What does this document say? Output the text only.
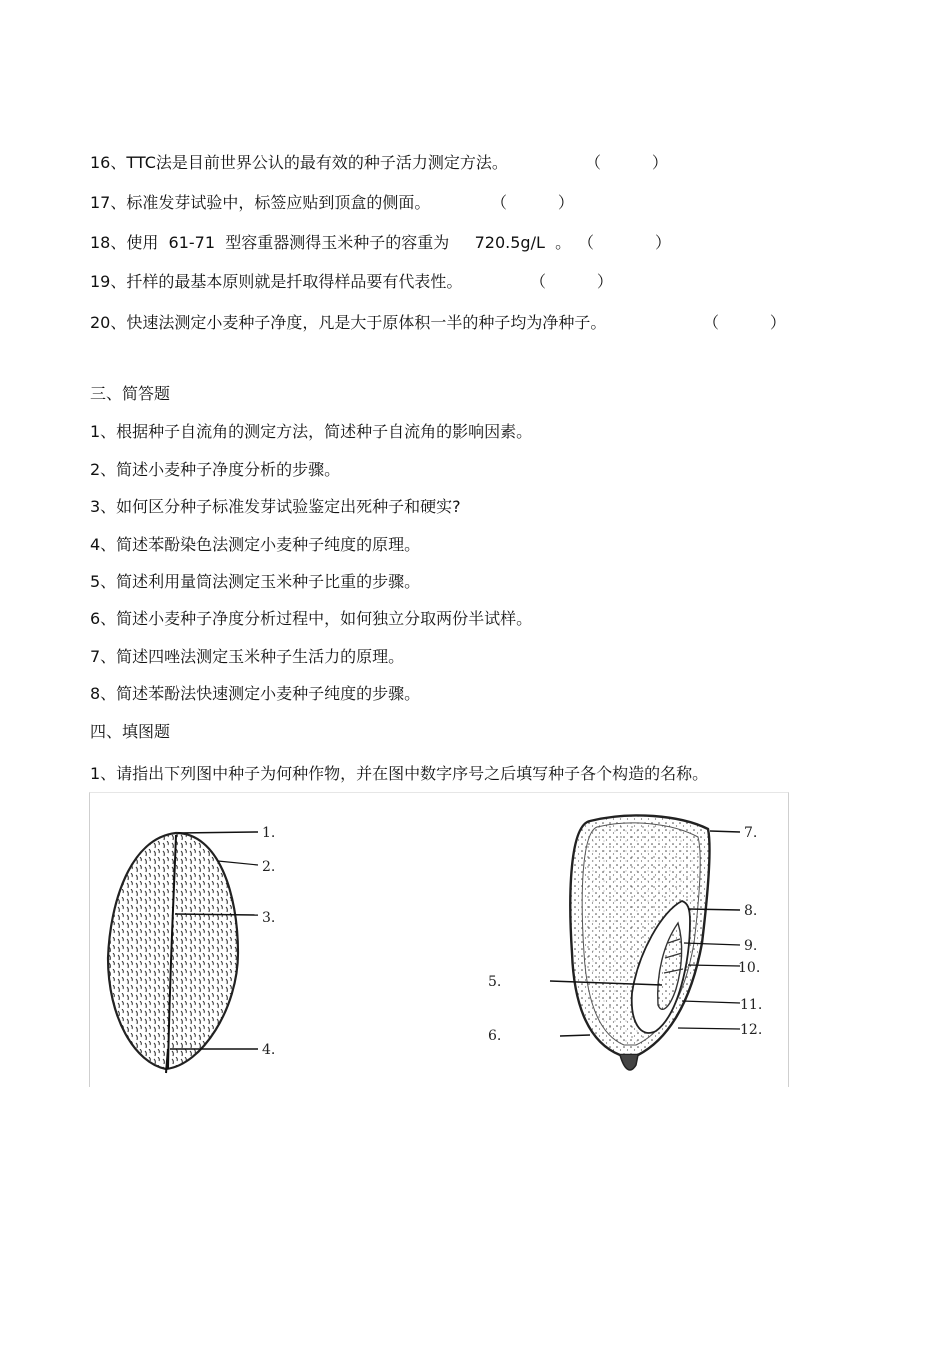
16、TTC法是目前世界公认的最有效的种子活力测定方法。	（          ）
17、标准发芽试验中，标签应贴到顶盒的侧面。	（          ）
18、使用  61-71  型容重器测得玉米种子的容重为     720.5g/L  。 （            ）
19、扦样的最基本原则就是扦取得样品要有代表性。	（          ）
20、快速法测定小麦种子净度，凡是大于原体积一半的种子均为净种子。	（          ）
三、简答题
1、根据种子自流角的测定方法，简述种子自流角的影响因素。
2、简述小麦种子净度分析的步骤。
3、如何区分种子标准发芽试验鉴定出死种子和硬实?
4、简述苯酚染色法测定小麦种子纯度的原理。
5、简述利用量筒法测定玉米种子比重的步骤。
6、简述小麦种子净度分析过程中，如何独立分取两份半试样。
7、简述四唑法测定玉米种子生活力的原理。
8、简述苯酚法快速测定小麦种子纯度的步骤。
四、填图题
1、请指出下列图中种子为何种作物，并在图中数字序号之后填写种子各个构造的名称。
1.
2.
3.
4.
7.
8.
9.
10.
11.
12.
5.
6.
